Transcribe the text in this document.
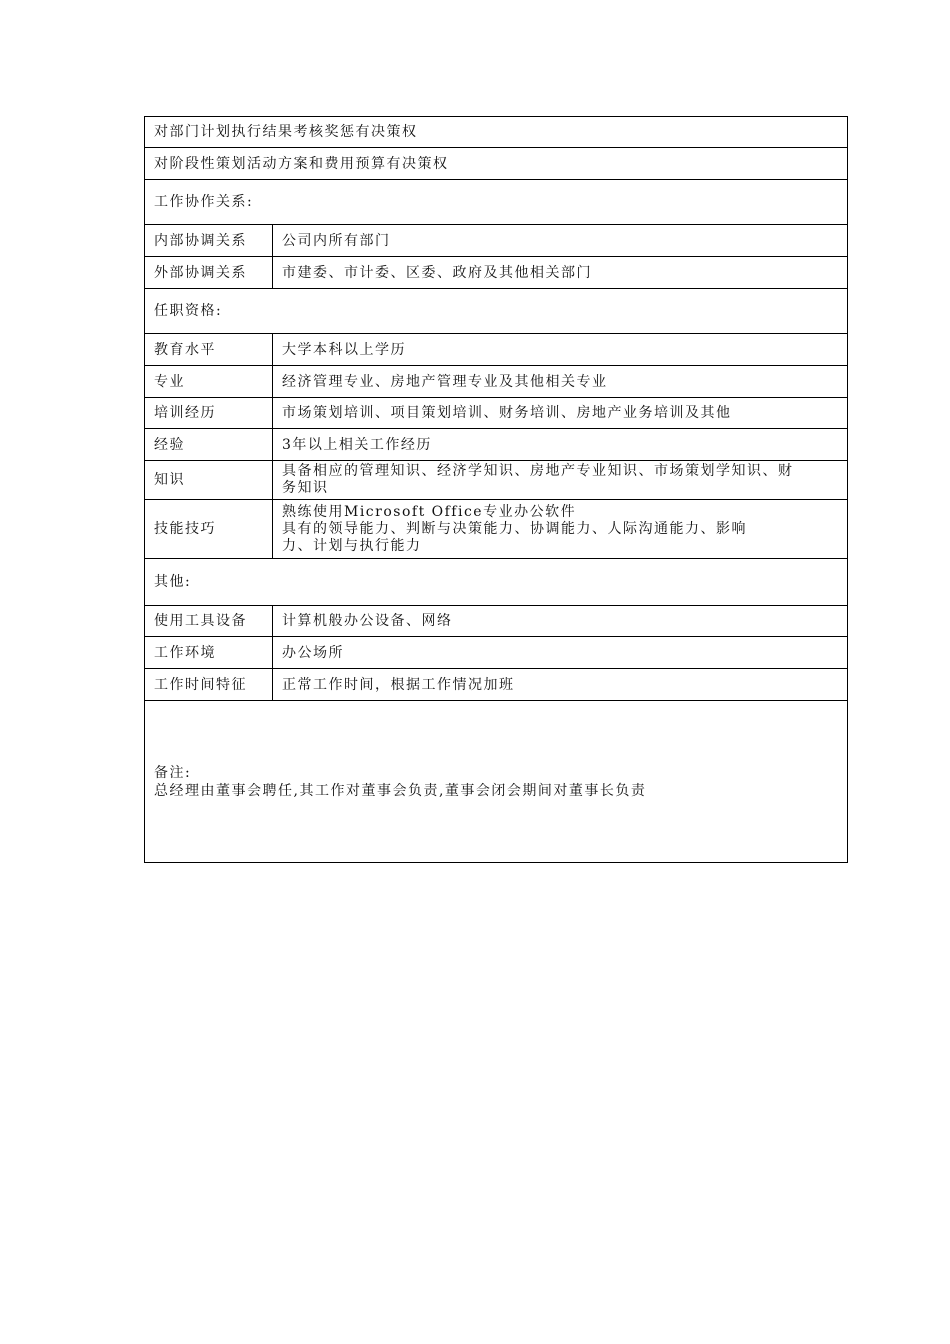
对部门计划执行结果考核奖惩有决策权	
对阶段性策划活动方案和费用预算有决策权	
工作协作关系:	
内部协调关系	公司内所有部门
外部协调关系	市建委、市计委、区委、政府及其他相关部门
任职资格:	
教育水平	大学本科以上学历
专业	经济管理专业、房地产管理专业及其他相关专业
培训经历	市场策划培训、项目策划培训、财务培训、房地产业务培训及其他
经验	3年以上相关工作经历
知识	具备相应的管理知识、经济学知识、房地产专业知识、市场策划学知识、财
务知识

技能技巧	熟练使用Microsoft Office专业办公软件
具有的领导能力、判断与决策能力、协调能力、人际沟通能力、影响
力、计划与执行能力

其他:	
使用工具设备	计算机般办公设备、网络
工作环境	办公场所
工作时间特征	正常工作时间，根据工作情况加班

备注:
总经理由董事会聘任,其工作对董事会负责,董事会闭会期间对董事长负责	
